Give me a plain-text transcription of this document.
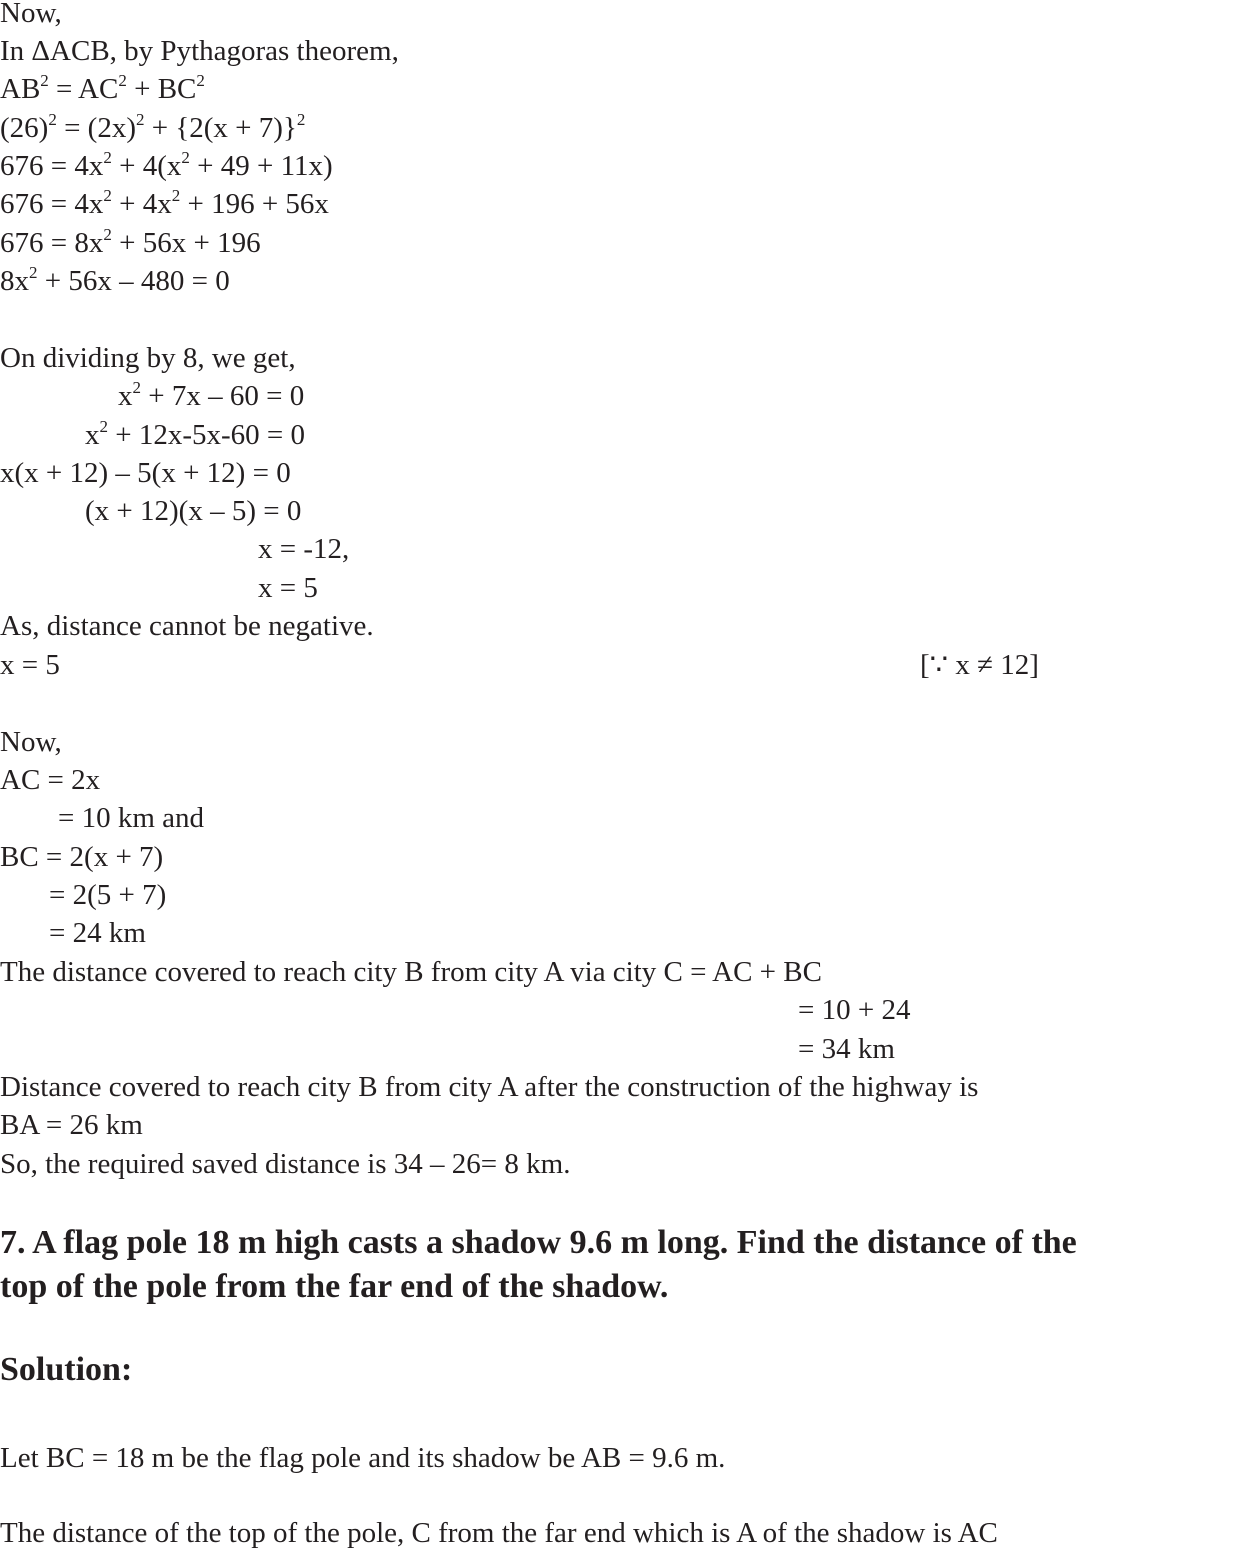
Now,
In ΔACB, by Pythagoras theorem,
$AB^2 = AC^2 + BC^2$
$(26)^2 = (2x)^2 + \{2(x + 7)\}^2$
$676 = 4x^2 + 4(x^2 + 49 + 11x)$
$676 = 4x^2 + 4x^2 + 196 + 56x$
$676 = 8x^2 + 56x + 196$
$8x^2 + 56x - 480 = 0$
On dividing by 8, we get,
$x^2 + 7x - 60 = 0$
$x^2 + 12x-5x-60 = 0$
x(x + 12) – 5(x + 12) = 0
(x + 12)(x – 5) = 0
x = -12,
x = 5
As, distance cannot be negative.
x = 5	[∵ x ≠ 12]
Now,
AC = 2x
= 10 km and
BC = 2(x + 7)
= 2(5 + 7)
= 24 km
The distance covered to reach city B from city A via city C = AC + BC
= 10 + 24
= 34 km
Distance covered to reach city B from city A after the construction of the highway is
BA = 26 km
So, the required saved distance is 34 – 26= 8 km.
7. A flag pole 18 m high casts a shadow 9.6 m long. Find the distance of the
top of the pole from the far end of the shadow.
Solution:
Let BC = 18 m be the flag pole and its shadow be AB = 9.6 m.
The distance of the top of the pole, C from the far end which is A of the shadow is AC
